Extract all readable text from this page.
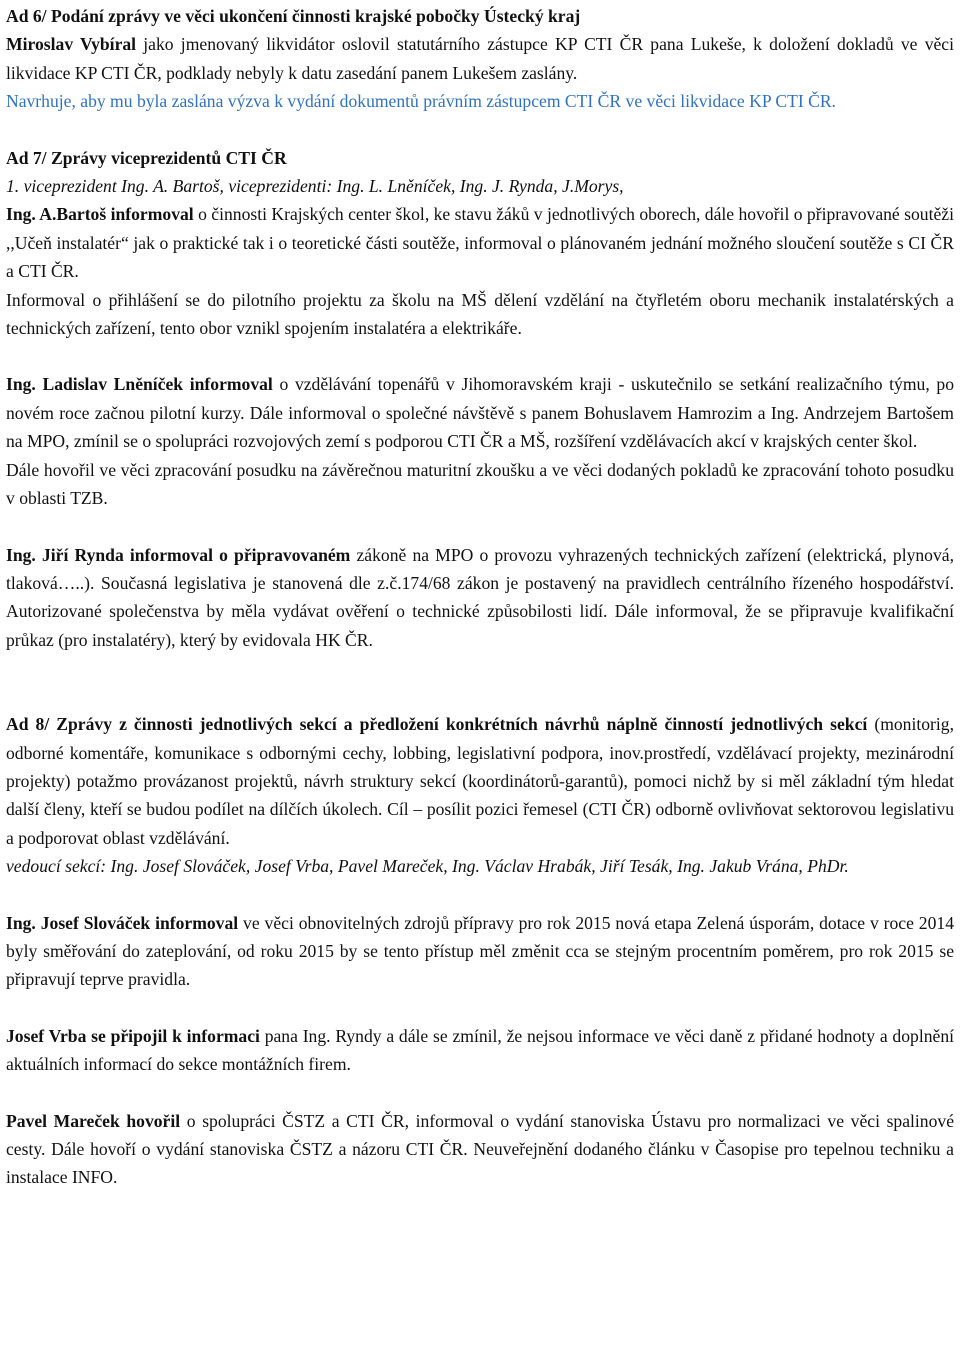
Ad 6/ Podání zprávy ve věci ukončení činnosti krajské pobočky Ústecký kraj

Miroslav Vybíral jako jmenovaný likvidátor oslovil statutárního zástupce KP CTI ČR pana Lukeše, k doložení dokladů ve věci likvidace KP CTI ČR, podklady nebyly k datu zasedání panem Lukešem zaslány.

Navrhuje, aby mu byla zaslána výzva k vydání dokumentů právním zástupcem CTI ČR ve věci likvidace KP CTI ČR.

Ad 7/ Zprávy viceprezidentů CTI ČR

1. viceprezident Ing. A. Bartoš, viceprezidenti: Ing. L. Lněníček, Ing. J. Rynda, J.Morys,

Ing. A.Bartoš informoval o činnosti Krajských center škol, ke stavu žáků v jednotlivých oborech, dále hovořil o připravované soutěži ,,Učeň instalatér“ jak o praktické tak i o teoretické části soutěže, informoval o plánovaném jednání možného sloučení soutěže s CI ČR a CTI ČR.

Informoval o přihlášení se do pilotního projektu za školu na MŠ dělení vzdělání na čtyřletém oboru mechanik instalatérských a technických zařízení, tento obor vznikl spojením instalatéra a elektrikáře.

Ing. Ladislav Lněníček informoval o vzdělávání topenářů v Jihomoravském kraji - uskutečnilo se setkání realizačního týmu, po novém roce začnou pilotní kurzy. Dále informoval o společné návštěvě s panem Bohuslavem Hamrozim a Ing. Andrzejem Bartošem na MPO, zmínil se o spolupráci rozvojových zemí s podporou CTI ČR a MŠ, rozšíření vzdělávacích akcí v krajských center škol.

Dále hovořil ve věci zpracování posudku na závěrečnou maturitní zkoušku a ve věci dodaných pokladů ke zpracování tohoto posudku v oblasti TZB.

Ing. Jiří Rynda informoval o připravovaném zákoně na MPO o provozu vyhrazených technických zařízení (elektrická, plynová, tlaková…..). Současná legislativa je stanovená dle z.č.174/68 zákon je postavený na pravidlech centrálního řízeného hospodářství. Autorizované společenstva by měla vydávat ověření o technické způsobilosti lidí. Dále informoval, že se připravuje kvalifikační průkaz (pro instalatéry), který by evidovala HK ČR.

Ad 8/ Zprávy z činnosti jednotlivých sekcí a předložení konkrétních návrhů náplně činností jednotlivých sekcí (monitorig, odborné komentáře, komunikace s odbornými cechy, lobbing, legislativní podpora, inov.prostředí, vzdělávací projekty, mezinárodní projekty) potažmo provázanost projektů, návrh struktury sekcí (koordinátorů-garantů), pomoci nichž by si měl základní tým hledat další členy, kteří se budou podílet na dílčích úkolech. Cíl – posílit pozici řemesel (CTI ČR) odborně ovlivňovat sektorovou legislativu a podporovat oblast vzdělávání.

vedoucí sekcí: Ing. Josef Slováček, Josef Vrba, Pavel Mareček, Ing. Václav Hrabák, Jiří Tesák, Ing. Jakub Vrána, PhDr.

Ing. Josef Slováček informoval ve věci obnovitelných zdrojů přípravy pro rok 2015 nová etapa Zelená úsporám, dotace v roce 2014 byly směřování do zateplování, od roku 2015 by se tento přístup měl změnit cca se stejným procentním poměrem, pro rok 2015 se připravují teprve pravidla.

Josef Vrba se připojil k informaci pana Ing. Ryndy a dále se zmínil, že nejsou informace ve věci daně z přidané hodnoty a doplnění aktuálních informací do sekce montážních firem.

Pavel Mareček hovořil o spolupráci ČSTZ a CTI ČR, informoval o vydání stanoviska Ústavu pro normalizaci ve věci spalinové cesty. Dále hovoří o vydání stanoviska ČSTZ a názoru CTI ČR. Neuveřejnění dodaného článku v Časopise pro tepelnou techniku a instalace INFO.
